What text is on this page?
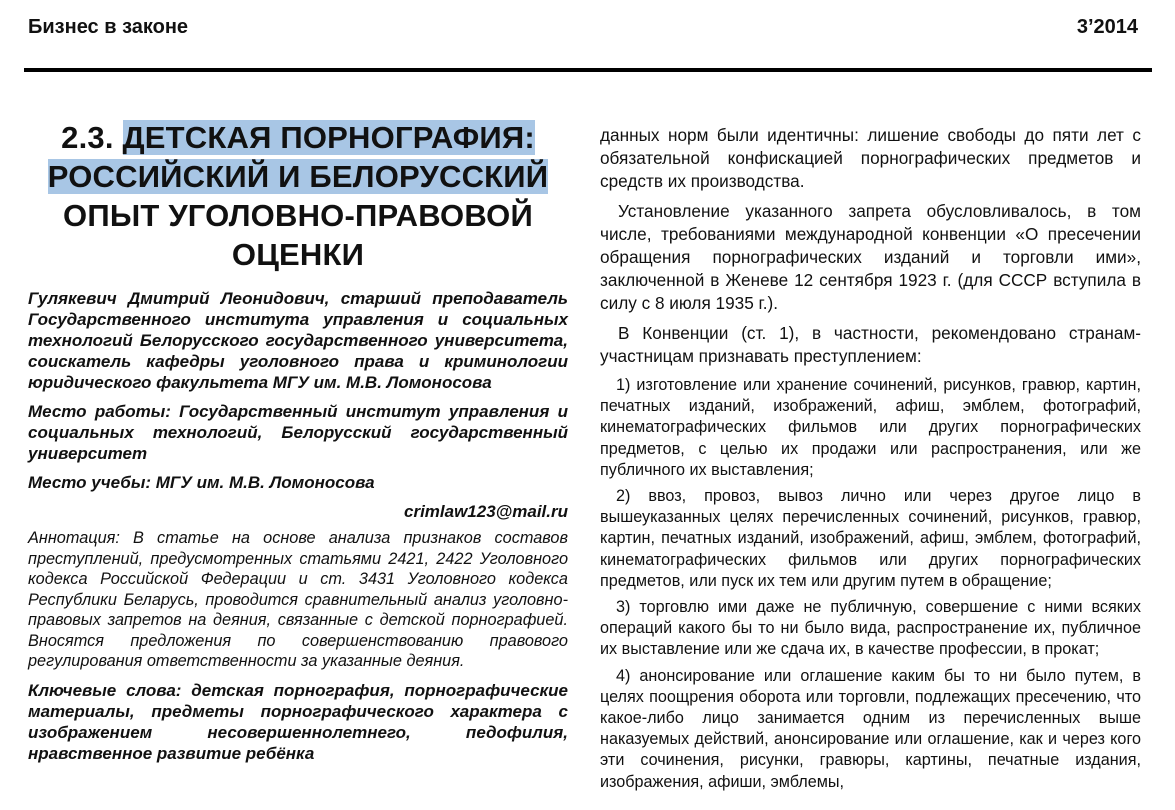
Бизнес в законе	3’2014
2.3. ДЕТСКАЯ ПОРНОГРАФИЯ:
РОССИЙСКИЙ И БЕЛОРУССКИЙ
ОПЫТ УГОЛОВНО-ПРАВОВОЙ
ОЦЕНКИ

Гулякевич Дмитрий Леонидович, старший преподаватель Государственного института управления и социальных технологий Белорусского государственного университета, соискатель кафедры уголовного права и криминологии юридического факультета МГУ им. М.В. Ломоносова

Место работы: Государственный институт управления и социальных технологий, Белорусский государственный университет

Место учебы: МГУ им. М.В. Ломоносова

crimlaw123@mail.ru

Аннотация: В статье на основе анализа признаков составов преступлений, предусмотренных статьями 2421, 2422 Уголовного кодекса Российской Федерации и ст. 3431 Уголовного кодекса Республики Беларусь, проводится сравнительный анализ уголовно-правовых запретов на деяния, связанные с детской порнографией. Вносятся предложения по совершенствованию правового регулирования ответственности за указанные деяния.

Ключевые слова: детская порнография, порнографические материалы, предметы порнографического характера с изображением несовершеннолетнего, педофилия, нравственное развитие ребёнка

данных норм были идентичны: лишение свободы до пяти лет с обязательной конфискацией порнографических предметов и средств их производства.

Установление указанного запрета обусловливалось, в том числе, требованиями международной конвенции «О пресечении обращения порнографических изданий и торговли ими», заключенной в Женеве 12 сентября 1923 г. (для СССР вступила в силу с 8 июля 1935 г.).

В Конвенции (ст. 1), в частности, рекомендовано странам-участницам признавать преступлением:

1) изготовление или хранение сочинений, рисунков, гравюр, картин, печатных изданий, изображений, афиш, эмблем, фотографий, кинематографических фильмов или других порнографических предметов, с целью их продажи или распространения, или же публичного их выставления;

2) ввоз, провоз, вывоз лично или через другое лицо в вышеуказанных целях перечисленных сочинений, рисунков, гравюр, картин, печатных изданий, изображений, афиш, эмблем, фотографий, кинематографических фильмов или других порнографических предметов, или пуск их тем или другим путем в обращение;

3) торговлю ими даже не публичную, совершение с ними всяких операций какого бы то ни было вида, распространение их, публичное их выставление или же сдача их, в качестве профессии, в прокат;

4) анонсирование или оглашение каким бы то ни было путем, в целях поощрения оборота или торговли, подлежащих пресечению, что какое-либо лицо занимается одним из перечисленных выше наказуемых действий, анонсирование или оглашение, как и через кого эти сочинения, рисунки, гравюры, картины, печатные издания, изображения, афиши, эмблемы,
